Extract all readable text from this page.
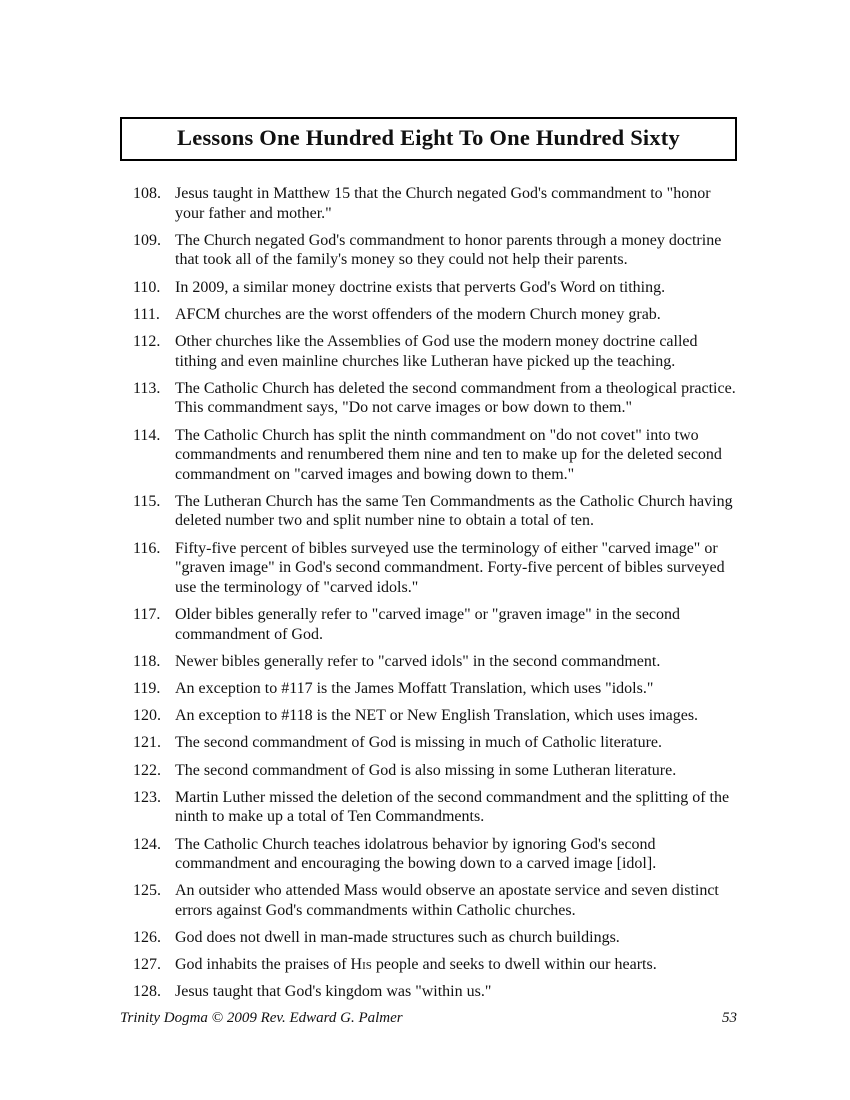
Lessons One Hundred Eight To One Hundred Sixty
108. Jesus taught in Matthew 15 that the Church negated God's commandment to "honor your father and mother."
109. The Church negated God's commandment to honor parents through a money doctrine that took all of the family's money so they could not help their parents.
110. In 2009, a similar money doctrine exists that perverts God's Word on tithing.
111. AFCM churches are the worst offenders of the modern Church money grab.
112. Other churches like the Assemblies of God use the modern money doctrine called tithing and even mainline churches like Lutheran have picked up the teaching.
113. The Catholic Church has deleted the second commandment from a theological practice. This commandment says, "Do not carve images or bow down to them."
114. The Catholic Church has split the ninth commandment on "do not covet" into two commandments and renumbered them nine and ten to make up for the deleted second commandment on "carved images and bowing down to them."
115. The Lutheran Church has the same Ten Commandments as the Catholic Church having deleted number two and split number nine to obtain a total of ten.
116. Fifty-five percent of bibles surveyed use the terminology of either "carved image" or "graven image" in God's second commandment. Forty-five percent of bibles surveyed use the terminology of "carved idols."
117. Older bibles generally refer to "carved image" or "graven image" in the second commandment of God.
118. Newer bibles generally refer to "carved idols" in the second commandment.
119. An exception to #117 is the James Moffatt Translation, which uses "idols."
120. An exception to #118 is the NET or New English Translation, which uses images.
121. The second commandment of God is missing in much of Catholic literature.
122. The second commandment of God is also missing in some Lutheran literature.
123. Martin Luther missed the deletion of the second commandment and the splitting of the ninth to make up a total of Ten Commandments.
124. The Catholic Church teaches idolatrous behavior by ignoring God's second commandment and encouraging the bowing down to a carved image [idol].
125. An outsider who attended Mass would observe an apostate service and seven distinct errors against God's commandments within Catholic churches.
126. God does not dwell in man-made structures such as church buildings.
127. God inhabits the praises of His people and seeks to dwell within our hearts.
128. Jesus taught that God's kingdom was "within us."
Trinity Dogma © 2009 Rev. Edward G. Palmer	53
